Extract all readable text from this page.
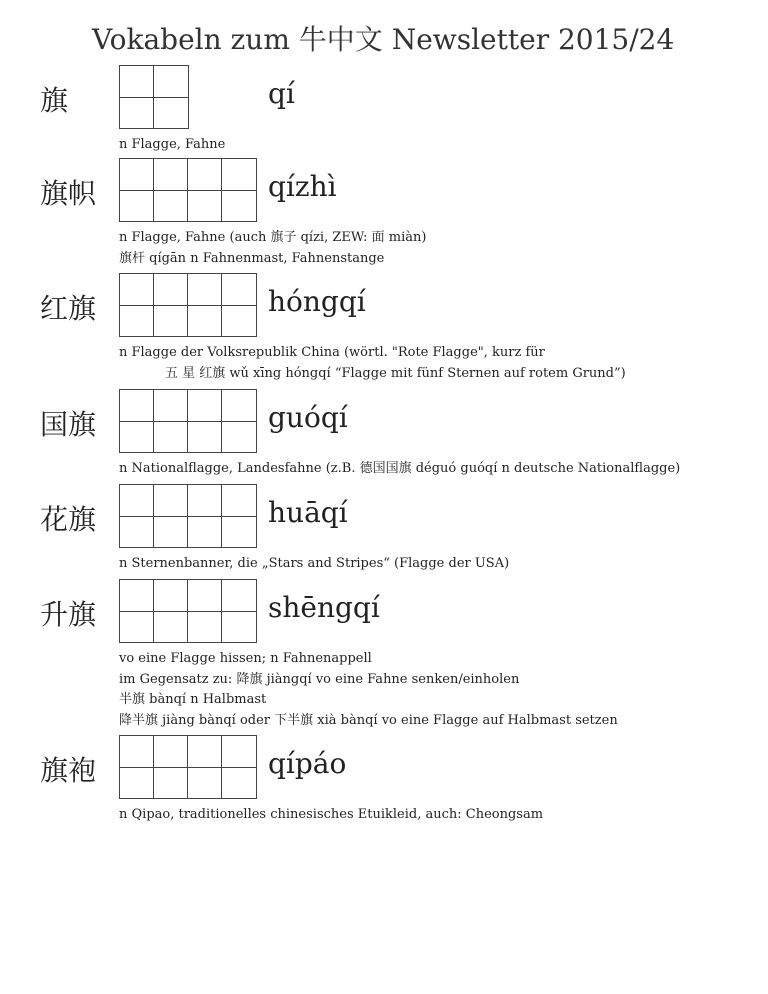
Vokabeln zum 牛中文 Newsletter 2015/24
旗	qí
n Flagge, Fahne
旗帜	qízhì
n Flagge, Fahne (auch 旗子 qízi, ZEW: 面 miàn)
旗杆 qígān n Fahnenmast, Fahnenstange
红旗	hóngqí
n Flagge der Volksrepublik China (wörtl. "Rote Flagge", kurz für
五 星 红旗 wǔ xīng hóngqí “Flagge mit fünf Sternen auf rotem Grund”)
国旗	guóqí
n Nationalflagge, Landesfahne (z.B. 德国国旗 déguó guóqí n deutsche Nationalflagge)
花旗	huāqí
n Sternenbanner, die „Stars and Stripes“ (Flagge der USA)
升旗	shēngqí
vo eine Flagge hissen; n Fahnenappell
im Gegensatz zu: 降旗 jiàngqí vo eine Fahne senken/einholen
半旗 bànqí n Halbmast
降半旗 jiàng bànqí oder 下半旗 xià bànqí vo eine Flagge auf Halbmast setzen
旗袍	qípáo
n Qipao, traditionelles chinesisches Etuikleid, auch: Cheongsam
